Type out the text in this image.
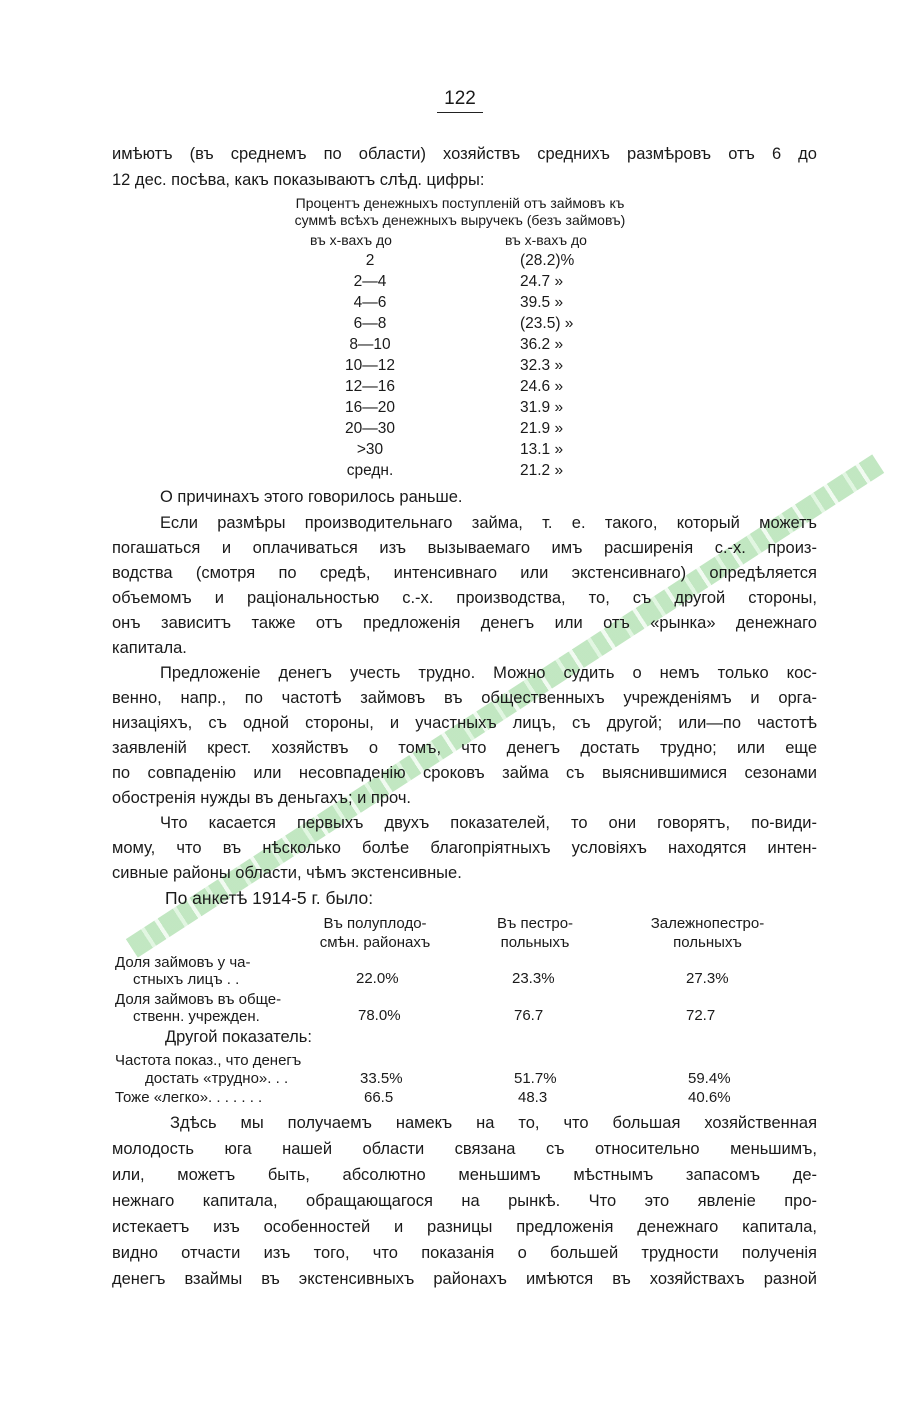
122
имѣютъ (въ среднемъ по области) хозяйствъ среднихъ размѣровъ отъ 6 до
12 дес. посѣва, какъ показываютъ слѣд. цифры:
Процентъ денежныхъ поступленій отъ займовъ къ
суммѣ всѣхъ денежныхъ выручекъ (безъ займовъ)
въ х-вахъ до	въ х-вахъ до
2	(28.2)%
2—4	24.7 »
4—6	39.5 »
6—8	(23.5) »
8—10	36.2 »
10—12	32.3 »
12—16	24.6 »
16—20	31.9 »
20—30	21.9 »
>30	13.1 »
средн.	21.2 »
О причинахъ этого говорилось раньше.
Если размѣры производительнаго займа, т. е. такого, который можетъ
погашаться и оплачиваться изъ вызываемаго имъ расширенія с.-х. произ-
водства (смотря по средѣ, интенсивнаго или экстенсивнаго) опредѣляется
объемомъ и раціональностью с.-х. производства, то, съ другой стороны,
онъ зависитъ также отъ предложенія денегъ или отъ «рынка» денежнаго
капитала.
Предложеніе денегъ учесть трудно. Можно судить о немъ только кос-
венно, напр., по частотѣ займовъ въ общественныхъ учрежденіямъ и орга-
низаціяхъ, съ одной стороны, и участныхъ лицъ, съ другой; или—по частотѣ
заявленій крест. хозяйствъ о томъ, что денегъ достать трудно; или еще
по совпаденію или несовпаденію сроковъ займа съ выяснившимися сезонами
обостренія нужды въ деньгахъ; и проч.
Что касается первыхъ двухъ показателей, то они говорятъ, по-види-
мому, что въ нѣсколько болѣе благопріятныхъ условіяхъ находятся интен-
сивные районы области, чѣмъ экстенсивные.
По анкетѣ 1914-5 г. было:
Въ полуплодо-
смѣн. районахъ
Въ пестро-
польныхъ
Залежнопестро-
польныхъ
Доля займовъ у ча-
стныхъ лицъ . .	22.0%	23.3%	27.3%
Доля займовъ въ обще-
ственн. учрежден.	78.0%	76.7	72.7
Другой показатель:
Частота показ., что денегъ
достать «трудно». . .	33.5%	51.7%	59.4%
Тоже «легко». . . . . . .	66.5	48.3	40.6%
Здѣсь мы получаемъ намекъ на то, что большая хозяйственная
молодость юга нашей области связана съ относительно меньшимъ,
или, можетъ быть, абсолютно меньшимъ мѣстнымъ запасомъ де-
нежнаго капитала, обращающагося на рынкѣ. Что это явленіе про-
истекаетъ изъ особенностей и разницы предложенія денежнаго капитала,
видно отчасти изъ того, что показанія о большей трудности полученія
денегъ взаймы въ экстенсивныхъ районахъ имѣются въ хозяйствахъ разной
